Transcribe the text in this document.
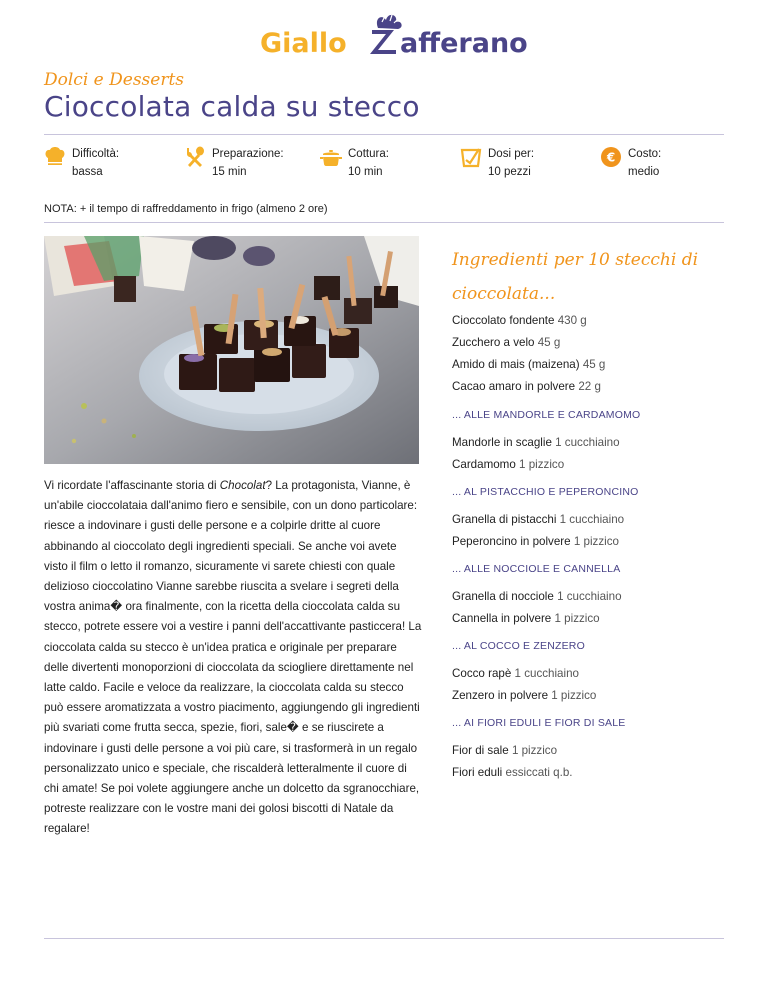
Giallo afferano
Dolci e Desserts
Cioccolata calda su stecco
Difficoltà:
bassa
Preparazione:
15 min
Cottura:
10 min
Dosi per:
10 pezzi
€ Costo:
medio
NOTA: + il tempo di raffreddamento in frigo (almeno 2 ore)
Vi ricordate l'affascinante storia di Chocolat? La protagonista, Vianne, è un'abile cioccolataia dall'animo fiero e sensibile, con un dono particolare: riesce a indovinare i gusti delle persone e a colpirle dritte al cuore abbinando al cioccolato degli ingredienti speciali. Se anche voi avete visto il film o letto il romanzo, sicuramente vi sarete chiesti con quale delizioso cioccolatino Vianne sarebbe riuscita a svelare i segreti della vostra anima� ora finalmente, con la ricetta della cioccolata calda su stecco, potrete essere voi a vestire i panni dell'accattivante pasticcera! La cioccolata calda su stecco è un'idea pratica e originale per preparare delle divertenti monoporzioni di cioccolata da sciogliere direttamente nel latte caldo. Facile e veloce da realizzare, la cioccolata calda su stecco può essere aromatizzata a vostro piacimento, aggiungendo gli ingredienti più svariati come frutta secca, spezie, fiori, sale� e se riuscirete a indovinare i gusti delle persone a voi più care, si trasformerà in un regalo personalizzato unico e speciale, che riscalderà letteralmente il cuore di chi amate! Se poi volete aggiungere anche un dolcetto da sgranocchiare, potreste realizzare con le vostre mani dei golosi biscotti di Natale da regalare!
Ingredienti per 10 stecchi di cioccolata...
Cioccolato fondente 430 g
Zucchero a velo 45 g
Amido di mais (maizena) 45 g
Cacao amaro in polvere 22 g
... ALLE MANDORLE E CARDAMOMO
Mandorle in scaglie 1 cucchiaino
Cardamomo 1 pizzico
... AL PISTACCHIO E PEPERONCINO
Granella di pistacchi 1 cucchiaino
Peperoncino in polvere 1 pizzico
... ALLE NOCCIOLE E CANNELLA
Granella di nocciole 1 cucchiaino
Cannella in polvere 1 pizzico
... AL COCCO E ZENZERO
Cocco rapè 1 cucchiaino
Zenzero in polvere 1 pizzico
... AI FIORI EDULI E FIOR DI SALE
Fior di sale 1 pizzico
Fiori eduli essiccati q.b.
